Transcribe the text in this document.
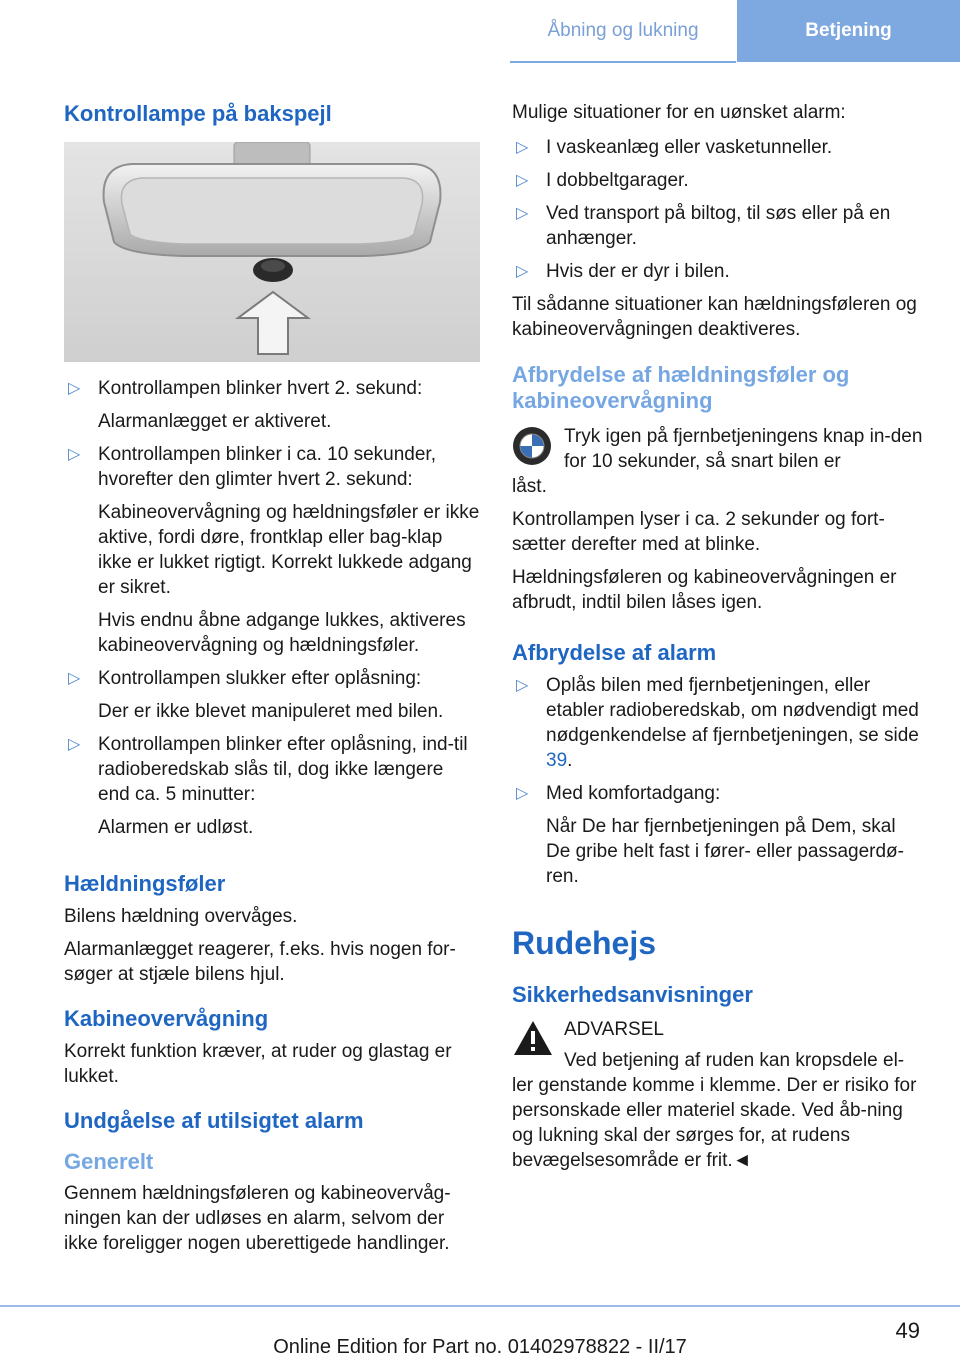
Åbning og lukning	Betjening
Kontrollampe på bakspejl
▷ Kontrollampen blinker hvert 2. sekund:
Alarmanlægget er aktiveret.
▷ Kontrollampen blinker i ca. 10 sekunder, hvorefter den glimter hvert 2. sekund:
Kabineovervågning og hældningsføler er ikke aktive, fordi døre, frontklap eller bag-klap ikke er lukket rigtigt. Korrekt lukkede adgang er sikret.
Hvis endnu åbne adgange lukkes, aktiveres kabineovervågning og hældningsføler.
▷ Kontrollampen slukker efter oplåsning:
Der er ikke blevet manipuleret med bilen.
▷ Kontrollampen blinker efter oplåsning, ind-til radioberedskab slås til, dog ikke længere end ca. 5 minutter:
Alarmen er udløst.
Hældningsføler

Bilens hældning overvåges.

Alarmanlægget reagerer, f.eks. hvis nogen for-søger at stjæle bilens hjul.

Kabineovervågning

Korrekt funktion kræver, at ruder og glastag er lukket.

Undgåelse af utilsigtet alarm
Generelt

Gennem hældningsføleren og kabineovervåg-ningen kan der udløses en alarm, selvom der ikke foreligger nogen uberettigede handlinger.

Mulige situationer for en uønsket alarm:

▷ I vaskeanlæg eller vasketunneller.
▷ I dobbeltgarager.
▷ Ved transport på biltog, til søs eller på en anhænger.
▷ Hvis der er dyr i bilen.

Til sådanne situationer kan hældningsføleren og kabineovervågningen deaktiveres.

Afbrydelse af hældningsføler og kabineovervågning

Tryk igen på fjernbetjeningens knap in-den for 10 sekunder, så snart bilen er

låst.

Kontrollampen lyser i ca. 2 sekunder og fort-sætter derefter med at blinke.

Hældningsføleren og kabineovervågningen er afbrudt, indtil bilen låses igen.

Afbrydelse af alarm
▷ Oplås bilen med fjernbetjeningen, eller etabler radioberedskab, om nødvendigt med nødgenkendelse af fjernbetjeningen, se side 39.
▷ Med komfortadgang:
Når De har fjernbetjeningen på Dem, skal De gribe helt fast i fører- eller passagerdø-ren.
Rudehejs
Sikkerhedsanvisninger

ADVARSEL

Ved betjening af ruden kan kropsdele el-

ler genstande komme i klemme. Der er risiko for personskade eller materiel skade. Ved åb-ning og lukning skal der sørges for, at rudens bevægelsesområde er frit.◄

49
Online Edition for Part no. 01402978822 - II/17
